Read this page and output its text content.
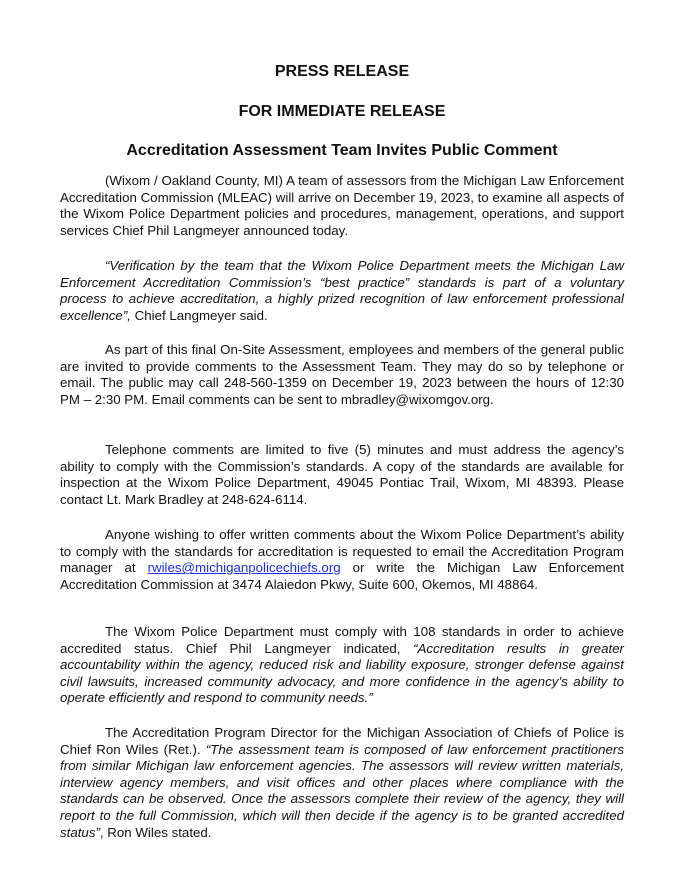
PRESS RELEASE
FOR IMMEDIATE RELEASE
Accreditation Assessment Team Invites Public Comment

(Wixom / Oakland County, MI) A team of assessors from the Michigan Law Enforcement Accreditation Commission (MLEAC) will arrive on December 19, 2023, to examine all aspects of the Wixom Police Department policies and procedures, management, operations, and support services Chief Phil Langmeyer announced today.

“Verification by the team that the Wixom Police Department meets the Michigan Law Enforcement Accreditation Commission’s “best practice” standards is part of a voluntary process to achieve accreditation, a highly prized recognition of law enforcement professional excellence”, Chief Langmeyer said.

As part of this final On-Site Assessment, employees and members of the general public are invited to provide comments to the Assessment Team. They may do so by telephone or email. The public may call 248-560-1359 on December 19, 2023 between the hours of 12:30 PM – 2:30 PM. Email comments can be sent to mbradley@wixomgov.org.

Telephone comments are limited to five (5) minutes and must address the agency’s ability to comply with the Commission’s standards. A copy of the standards are available for inspection at the Wixom Police Department, 49045 Pontiac Trail, Wixom, MI 48393. Please contact Lt. Mark Bradley at 248-624-6114.

Anyone wishing to offer written comments about the Wixom Police Department’s ability to comply with the standards for accreditation is requested to email the Accreditation Program manager at rwiles@michiganpolicechiefs.org or write the Michigan Law Enforcement Accreditation Commission at 3474 Alaiedon Pkwy, Suite 600, Okemos, MI 48864.

The Wixom Police Department must comply with 108 standards in order to achieve accredited status. Chief Phil Langmeyer indicated, “Accreditation results in greater accountability within the agency, reduced risk and liability exposure, stronger defense against civil lawsuits, increased community advocacy, and more confidence in the agency’s ability to operate efficiently and respond to community needs.”

The Accreditation Program Director for the Michigan Association of Chiefs of Police is Chief Ron Wiles (Ret.). “The assessment team is composed of law enforcement practitioners from similar Michigan law enforcement agencies. The assessors will review written materials, interview agency members, and visit offices and other places where compliance with the standards can be observed. Once the assessors complete their review of the agency, they will report to the full Commission, which will then decide if the agency is to be granted accredited status”, Ron Wiles stated.
